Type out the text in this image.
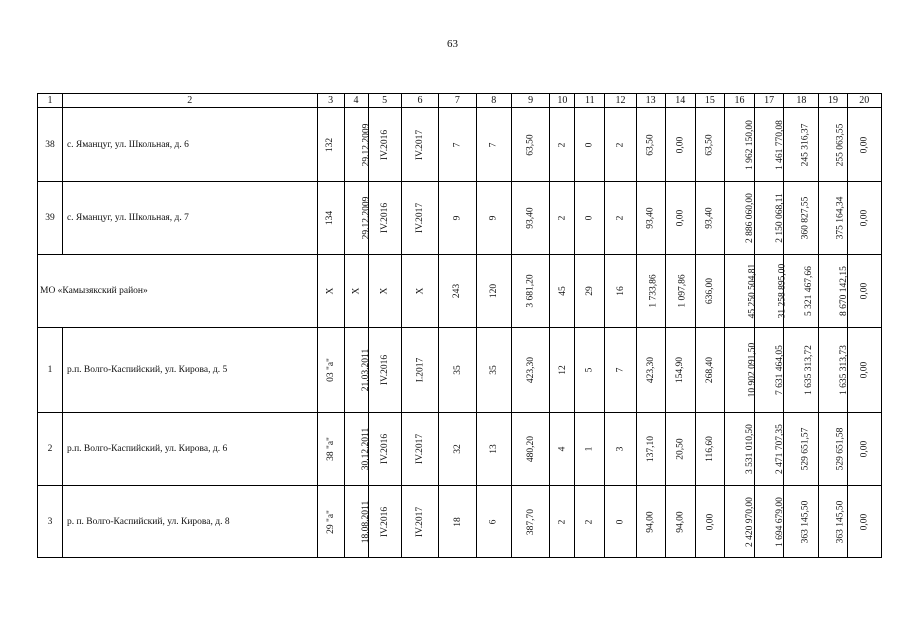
63
1	2	3	4	5	6	7	8	9	10	11	12	13	14	15	16	17	18	19	20
38	с. Яманцуг, ул. Школьная, д. 6	132	29.12.2009	IV.2016	IV.2017	7	7	63,50	2	0	2	63,50	0,00	63,50	1 962 150,00	1 461 770,08	245 316,37	255 063,55	0,00
39	с. Яманцуг, ул. Школьная, д. 7	134	29.12.2009	IV.2016	IV.2017	9	9	93,40	2	0	2	93,40	0,00	93,40	2 886 060,00	2 150 068,11	360 827,55	375 164,34	0,00
МО «Камызякский район»		X	X	X	X	243	120	3 681,20	45	29	16	1 733,86	1 097,86	636,00	45 250 504,81	31 258 895,00	5 321 467,66	8 670 142,15	0,00
1	р.п. Волго-Каспийский, ул. Кирова, д. 5	03 "а"	21.03.2011	IV.2016	I.2017	35	35	423,30	12	5	7	423,30	154,90	268,40	10 902 091,50	7 631 464,05	1 635 313,72	1 635 313,73	0,00
2	р.п. Волго-Каспийский, ул. Кирова, д. 6	38 "а"	30.12.2011	IV.2016	IV.2017	32	13	480,20	4	1	3	137,10	20,50	116,60	3 531 010,50	2 471 707,35	529 651,57	529 651,58	0,00
3	р. п. Волго-Каспийский, ул. Кирова, д. 8	29 "а"	18.08.2011	IV.2016	IV.2017	18	6	387,70	2	2	0	94,00	94,00	0,00	2 420 970,00	1 694 679,00	363 145,50	363 145,50	0,00
